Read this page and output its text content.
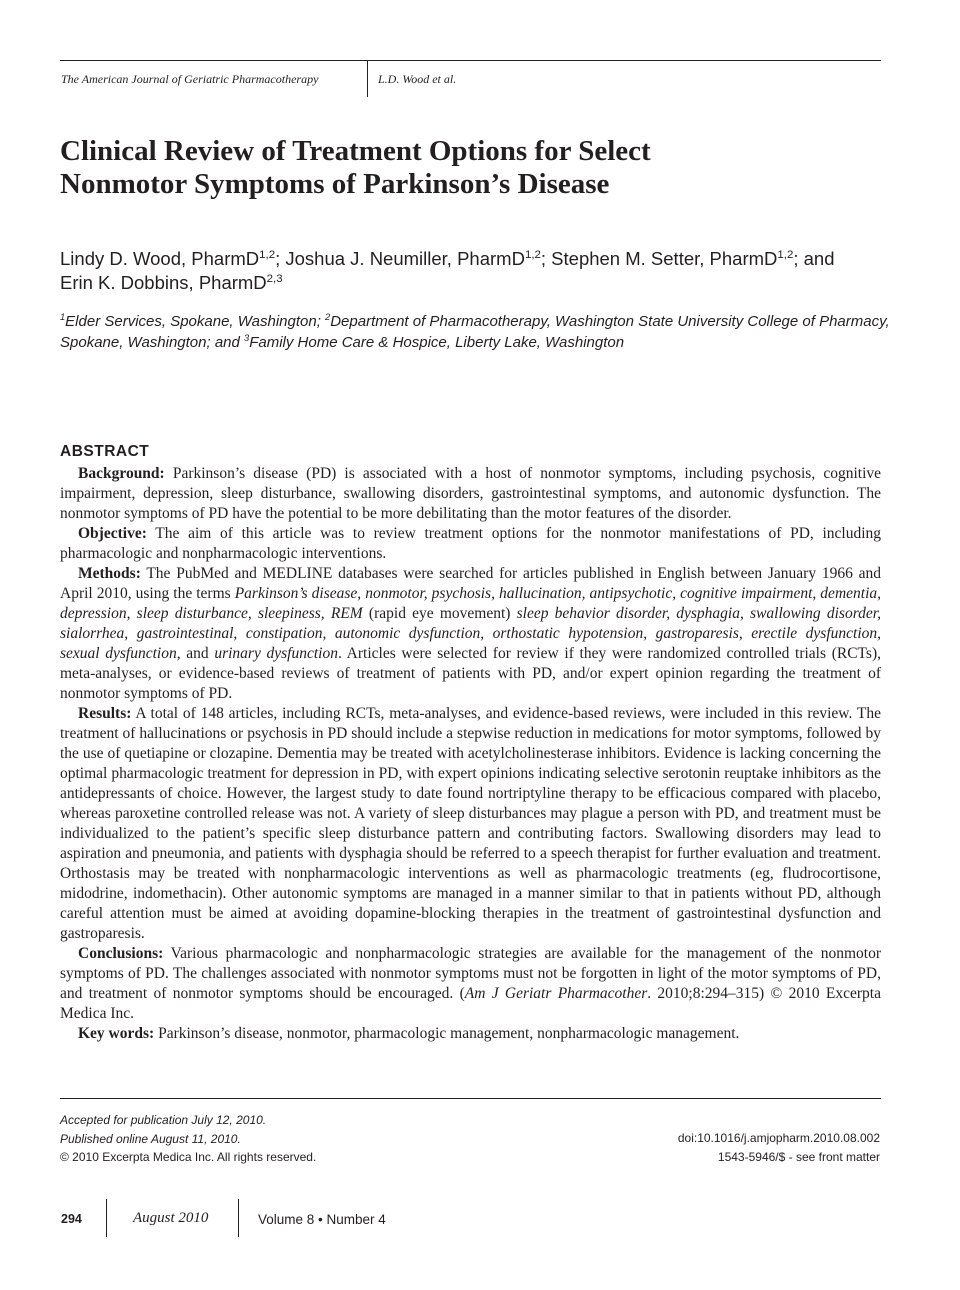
The American Journal of Geriatric Pharmacotherapy	L.D. Wood et al.
Clinical Review of Treatment Options for Select
Nonmotor Symptoms of Parkinson’s Disease
Lindy D. Wood, PharmD$^{1,2}$; Joshua J. Neumiller, PharmD$^{1,2}$; Stephen M. Setter, PharmD$^{1,2}$; and
Erin K. Dobbins, PharmD$^{2,3}$
$^1$Elder Services, Spokane, Washington; $^2$Department of Pharmacotherapy, Washington State University College of Pharmacy, Spokane, Washington; and $^3$Family Home Care & Hospice, Liberty Lake, Washington
ABSTRACT

Background: Parkinson’s disease (PD) is associated with a host of nonmotor symptoms, including psychosis, cognitive impairment, depression, sleep disturbance, swallowing disorders, gastrointestinal symptoms, and autonomic dysfunction. The nonmotor symptoms of PD have the potential to be more debilitating than the motor features of the disorder.

Objective: The aim of this article was to review treatment options for the nonmotor manifestations of PD, including pharmacologic and nonpharmacologic interventions.

Methods: The PubMed and MEDLINE databases were searched for articles published in English between January 1966 and April 2010, using the terms Parkinson’s disease, nonmotor, psychosis, hallucination, antipsychotic, cognitive impairment, dementia, depression, sleep disturbance, sleepiness, REM (rapid eye movement) sleep behavior disorder, dysphagia, swallowing disorder, sialorrhea, gastrointestinal, constipation, autonomic dysfunction, orthostatic hypotension, gastroparesis, erectile dysfunction, sexual dysfunction, and urinary dysfunction. Articles were selected for review if they were randomized controlled trials (RCTs), meta-analyses, or evidence-based reviews of treatment of patients with PD, and/or expert opinion regarding the treatment of nonmotor symptoms of PD.

Results: A total of 148 articles, including RCTs, meta-analyses, and evidence-based reviews, were included in this review. The treatment of hallucinations or psychosis in PD should include a stepwise reduction in medications for motor symptoms, followed by the use of quetiapine or clozapine. Dementia may be treated with acetylcholinesterase inhibitors. Evidence is lacking concerning the optimal pharmacologic treatment for depression in PD, with expert opinions indicating selective serotonin reuptake inhibitors as the antidepressants of choice. However, the largest study to date found nortriptyline therapy to be efficacious compared with placebo, whereas paroxetine controlled release was not. A variety of sleep disturbances may plague a person with PD, and treatment must be individualized to the patient’s specific sleep disturbance pattern and contributing factors. Swallowing disorders may lead to aspiration and pneumonia, and patients with dysphagia should be referred to a speech therapist for further evaluation and treatment. Orthostasis may be treated with nonpharmacologic interventions as well as pharmacologic treatments (eg, fludrocortisone, midodrine, indomethacin). Other autonomic symptoms are managed in a manner similar to that in patients without PD, although careful attention must be aimed at avoiding dopamine-blocking therapies in the treatment of gastrointestinal dysfunction and gastroparesis.

Conclusions: Various pharmacologic and nonpharmacologic strategies are available for the management of the nonmotor symptoms of PD. The challenges associated with nonmotor symptoms must not be forgotten in light of the motor symptoms of PD, and treatment of nonmotor symptoms should be encouraged. (Am J Geriatr Pharmacother. 2010;8:294–315) © 2010 Excerpta Medica Inc.

Key words: Parkinson’s disease, nonmotor, pharmacologic management, nonpharmacologic management.

Accepted for publication July 12, 2010.
Published online August 11, 2010.
© 2010 Excerpta Medica Inc. All rights reserved.
doi:10.1016/j.amjopharm.2010.08.002
1543-5946/$ - see front matter
294	August 2010	Volume 8 • Number 4
